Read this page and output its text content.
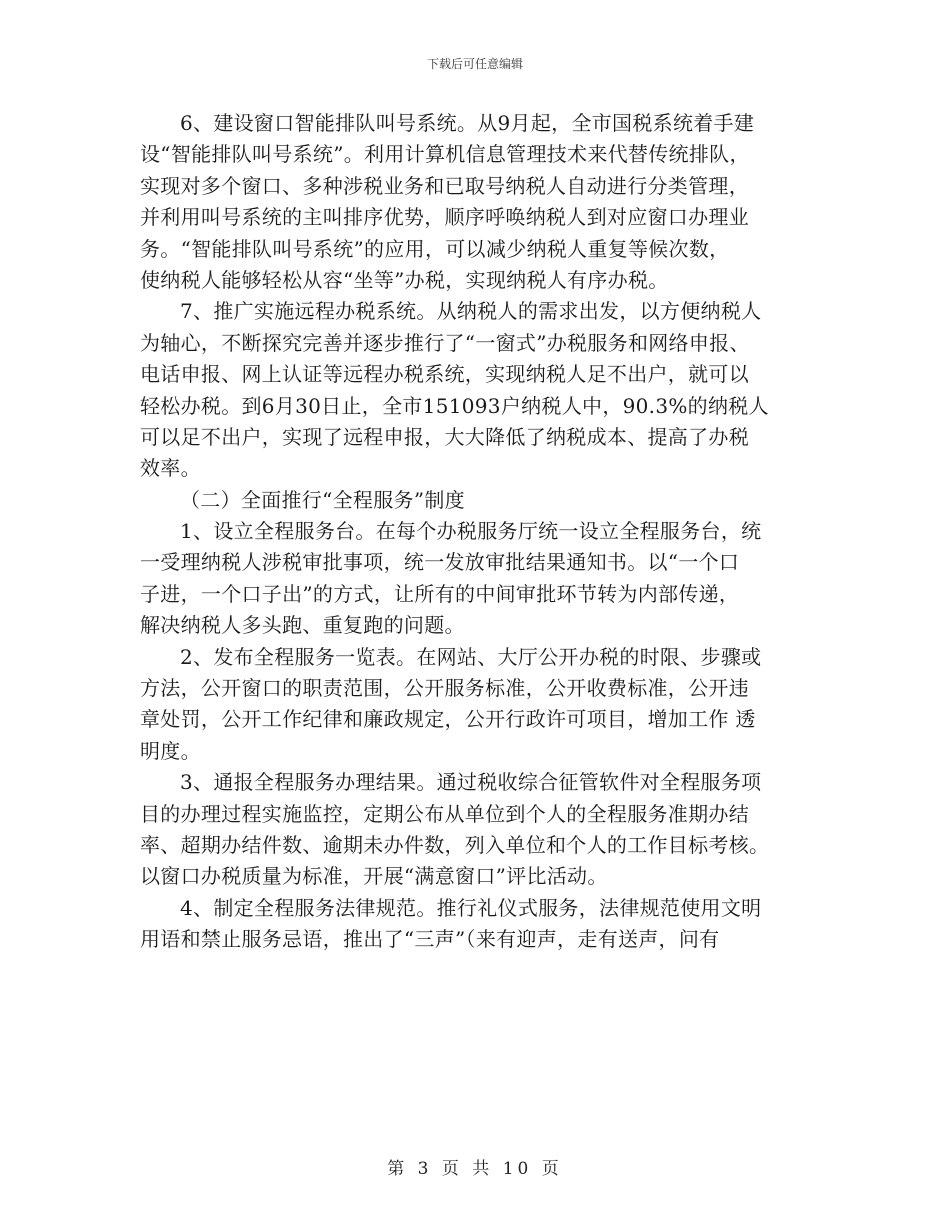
下载后可任意编辑

6、建设窗口智能排队叫号系统。从9月起，全市国税系统着手建

设“智能排队叫号系统”。利用计算机信息管理技术来代替传统排队，

实现对多个窗口、多种涉税业务和已取号纳税人自动进行分类管理，

并利用叫号系统的主叫排序优势，顺序呼唤纳税人到对应窗口办理业

务。“智能排队叫号系统”的应用，可以减少纳税人重复等候次数，

使纳税人能够轻松从容“坐等”办税，实现纳税人有序办税。

7、推广实施远程办税系统。从纳税人的需求出发，以方便纳税人

为轴心，不断探究完善并逐步推行了“一窗式”办税服务和网络申报、

电话申报、网上认证等远程办税系统，实现纳税人足不出户，就可以

轻松办税。到6月30日止，全市151093户纳税人中，90.3%的纳税人

可以足不出户，实现了远程申报，大大降低了纳税成本、提高了办税

效率。

（二）全面推行“全程服务”制度

1、设立全程服务台。在每个办税服务厅统一设立全程服务台，统

一受理纳税人涉税审批事项，统一发放审批结果通知书。以“一个口

子进，一个口子出”的方式，让所有的中间审批环节转为内部传递，

解决纳税人多头跑、重复跑的问题。

2、发布全程服务一览表。在网站、大厅公开办税的时限、步骤或

方法，公开窗口的职责范围，公开服务标准，公开收费标准，公开违

章处罚，公开工作纪律和廉政规定，公开行政许可项目，增加工作 透

明度。

3、通报全程服务办理结果。通过税收综合征管软件对全程服务项

目的办理过程实施监控，定期公布从单位到个人的全程服务准期办结

率、超期办结件数、逾期未办件数，列入单位和个人的工作目标考核。

以窗口办税质量为标准，开展“满意窗口”评比活动。

4、制定全程服务法律规范。推行礼仪式服务，法律规范使用文明

用语和禁止服务忌语，推出了“三声”（来有迎声，走有送声，问有

第 3 页 共 10 页
